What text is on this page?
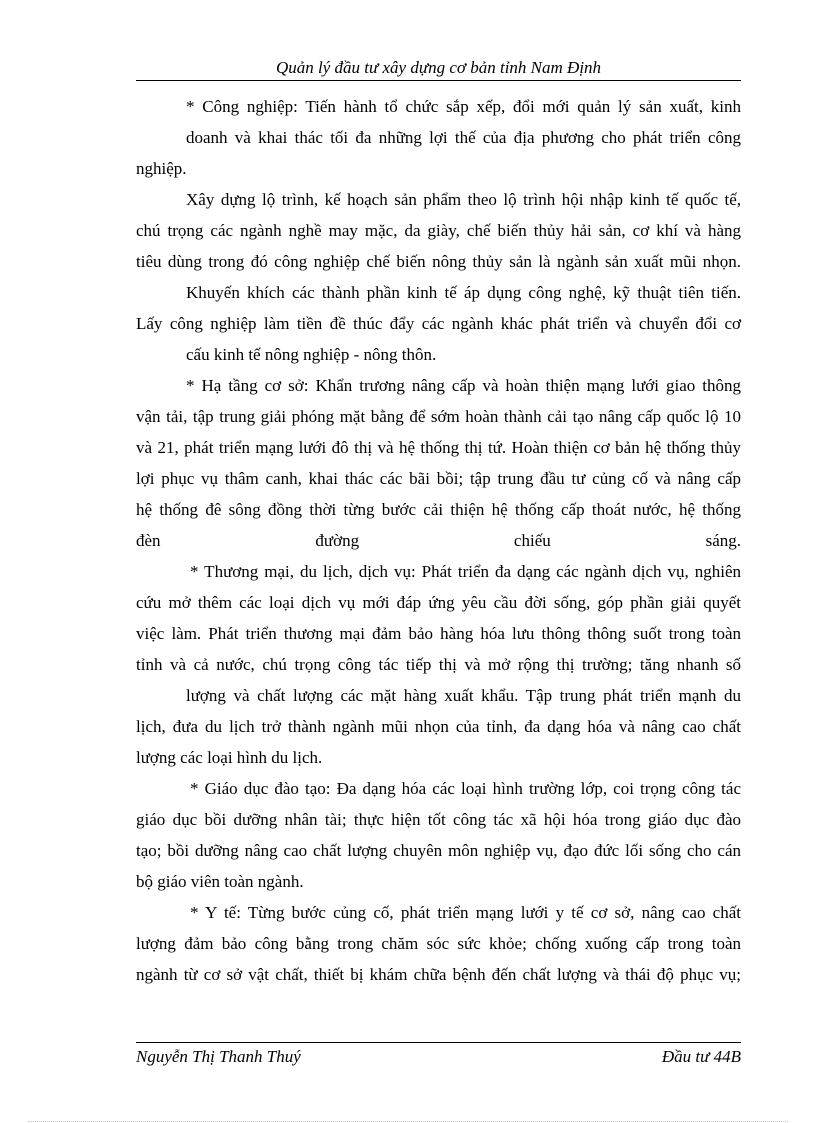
Quản lý đầu tư xây dựng cơ bản tỉnh Nam Định
* Công nghiệp: Tiến hành tổ chức sắp xếp, đổi mới quản lý sản xuất, kinh
doanh và khai thác tối đa những lợi thế của địa phương cho phát triển công
nghiệp.
Xây dựng lộ trình, kế hoạch sản phẩm theo lộ trình hội nhập kinh tế quốc tế,
chú trọng các ngành nghề may mặc, da giày, chế biến thủy hải sản, cơ khí và hàng
tiêu dùng trong đó công nghiệp chế biến nông thủy sản là ngành sản xuất mũi nhọn.
Khuyến khích các thành phần kinh tế áp dụng công nghệ, kỹ thuật tiên tiến.
Lấy công nghiệp làm tiền đề thúc đẩy các ngành khác phát triển và chuyển đổi cơ
cấu kinh tế nông nghiệp - nông thôn.
* Hạ tầng cơ sở: Khẩn trương nâng cấp và hoàn thiện mạng lưới giao thông
vận tải, tập trung giải phóng mặt bằng để sớm hoàn thành cải tạo nâng cấp quốc lộ 10
và 21, phát triển mạng lưới đô thị và hệ thống thị tứ. Hoàn thiện cơ bản hệ thống thủy
lợi phục vụ thâm canh, khai thác các bãi bồi; tập trung đầu tư củng cố và nâng cấp
hệ thống đê sông đồng thời từng bước cải thiện hệ thống cấp thoát nước, hệ thống
đèn đường chiếu sáng.
* Thương mại, du lịch, dịch vụ: Phát triển đa dạng các ngành dịch vụ, nghiên
cứu mở thêm các loại dịch vụ mới đáp ứng yêu cầu đời sống, góp phần giải quyết
việc làm. Phát triển thương mại đảm bảo hàng hóa lưu thông thông suốt trong toàn
tỉnh và cả nước, chú trọng công tác tiếp thị và mở rộng thị trường; tăng nhanh số
lượng và chất lượng các mặt hàng xuất khẩu. Tập trung phát triển mạnh du
lịch, đưa du lịch trở thành ngành mũi nhọn của tỉnh, đa dạng hóa và nâng cao chất
lượng các loại hình du lịch.
* Giáo dục đào tạo: Đa dạng hóa các loại hình trường lớp, coi trọng công tác
giáo dục bồi dưỡng nhân tài; thực hiện tốt công tác xã hội hóa trong giáo dục đào
tạo; bồi dưỡng nâng cao chất lượng chuyên môn nghiệp vụ, đạo đức lối sống cho cán
bộ giáo viên toàn ngành.
* Y tế: Từng bước củng cố, phát triển mạng lưới y tế cơ sở, nâng cao chất
lượng đảm bảo công bằng trong chăm sóc sức khỏe; chống xuống cấp trong toàn
ngành từ cơ sở vật chất, thiết bị khám chữa bệnh đến chất lượng và thái độ phục vụ;
Nguyễn Thị Thanh Thuý	Đầu tư 44B
